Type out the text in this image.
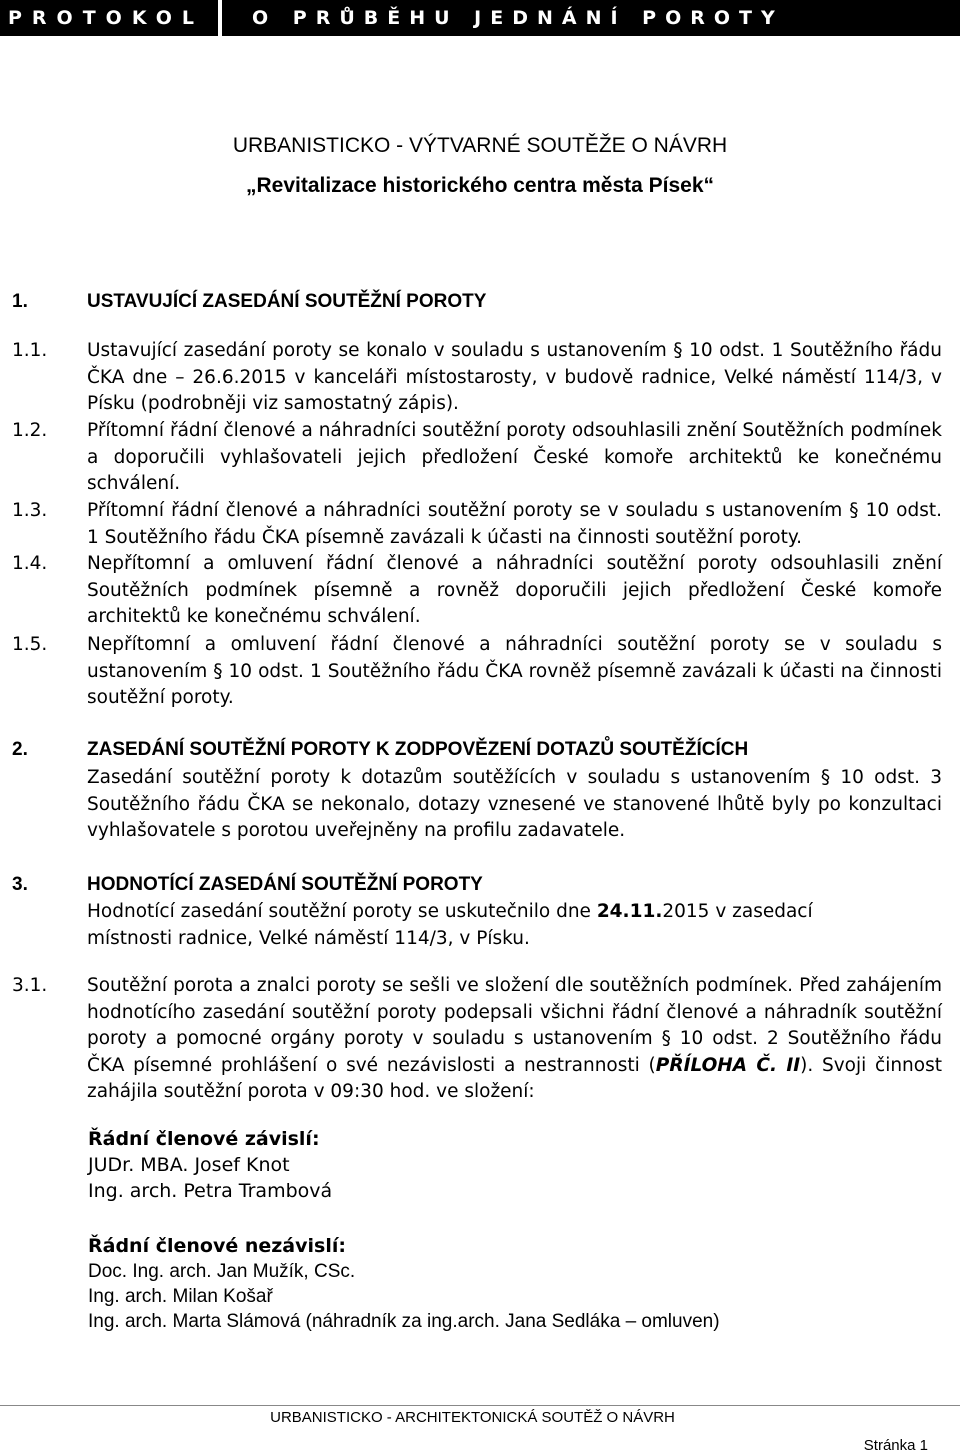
PROTOKOL	O PRŮBĚHU JEDNÁNÍ POROTY
URBANISTICKO - VÝTVARNÉ SOUTĚŽE O NÁVRH
„Revitalizace historického centra města Písek“
1.	USTAVUJÍCÍ ZASEDÁNÍ SOUTĚŽNÍ POROTY
1.1. Ustavující zasedání poroty se konalo v souladu s ustanovením § 10 odst. 1 Soutěžního řádu ČKA dne – 26.6.2015 v kanceláři místostarosty, v budově radnice, Velké náměstí 114/3, v Písku (podrobněji viz samostatný zápis).
1.2. Přítomní řádní členové a náhradníci soutěžní poroty odsouhlasili znění Soutěžních podmínek a doporučili vyhlašovateli jejich předložení České komoře architektů ke konečnému schválení.
1.3. Přítomní řádní členové a náhradníci soutěžní poroty se v souladu s ustanovením § 10 odst. 1 Soutěžního řádu ČKA písemně zavázali k účasti na činnosti soutěžní poroty.
1.4. Nepřítomní a omluvení řádní členové a náhradníci soutěžní poroty odsouhlasili znění Soutěžních podmínek písemně a rovněž doporučili jejich předložení České komoře architektů ke konečnému schválení.
1.5. Nepřítomní a omluvení řádní členové a náhradníci soutěžní poroty se v souladu s ustanovením § 10 odst. 1 Soutěžního řádu ČKA rovněž písemně zavázali k účasti na činnosti soutěžní poroty.
2.	ZASEDÁNÍ SOUTĚŽNÍ POROTY K ZODPOVĚZENÍ DOTAZŮ SOUTĚŽÍCÍCH
Zasedání soutěžní poroty k dotazům soutěžících v souladu s ustanovením § 10 odst. 3 Soutěžního řádu ČKA se nekonalo, dotazy vznesené ve stanovené lhůtě byly po konzultaci vyhlašovatele s porotou uveřejněny na profilu zadavatele.
3.	HODNOTÍCÍ ZASEDÁNÍ SOUTĚŽNÍ POROTY
Hodnotící zasedání soutěžní poroty se uskutečnilo dne 24.11.2015 v zasedací místnosti radnice, Velké náměstí 114/3, v Písku.
3.1. Soutěžní porota a znalci poroty se sešli ve složení dle soutěžních podmínek. Před zahájením hodnotícího zasedání soutěžní poroty podepsali všichni řádní členové a náhradník soutěžní poroty a pomocné orgány poroty v souladu s ustanovením § 10 odst. 2 Soutěžního řádu ČKA písemné prohlášení o své nezávislosti a nestrannosti (PŘÍLOHA Č. II). Svoji činnost zahájila soutěžní porota v 09:30 hod. ve složení:
Řádní členové závislí:
JUDr. MBA. Josef Knot
Ing. arch. Petra Trambová
Řádní členové nezávislí:
Doc. Ing. arch. Jan Mužík, CSc.
Ing. arch. Milan Košař
Ing. arch. Marta Slámová (náhradník za ing.arch. Jana Sedláka – omluven)
URBANISTICKO - ARCHITEKTONICKÁ SOUTĚŽ O NÁVRH
Stránka 1
